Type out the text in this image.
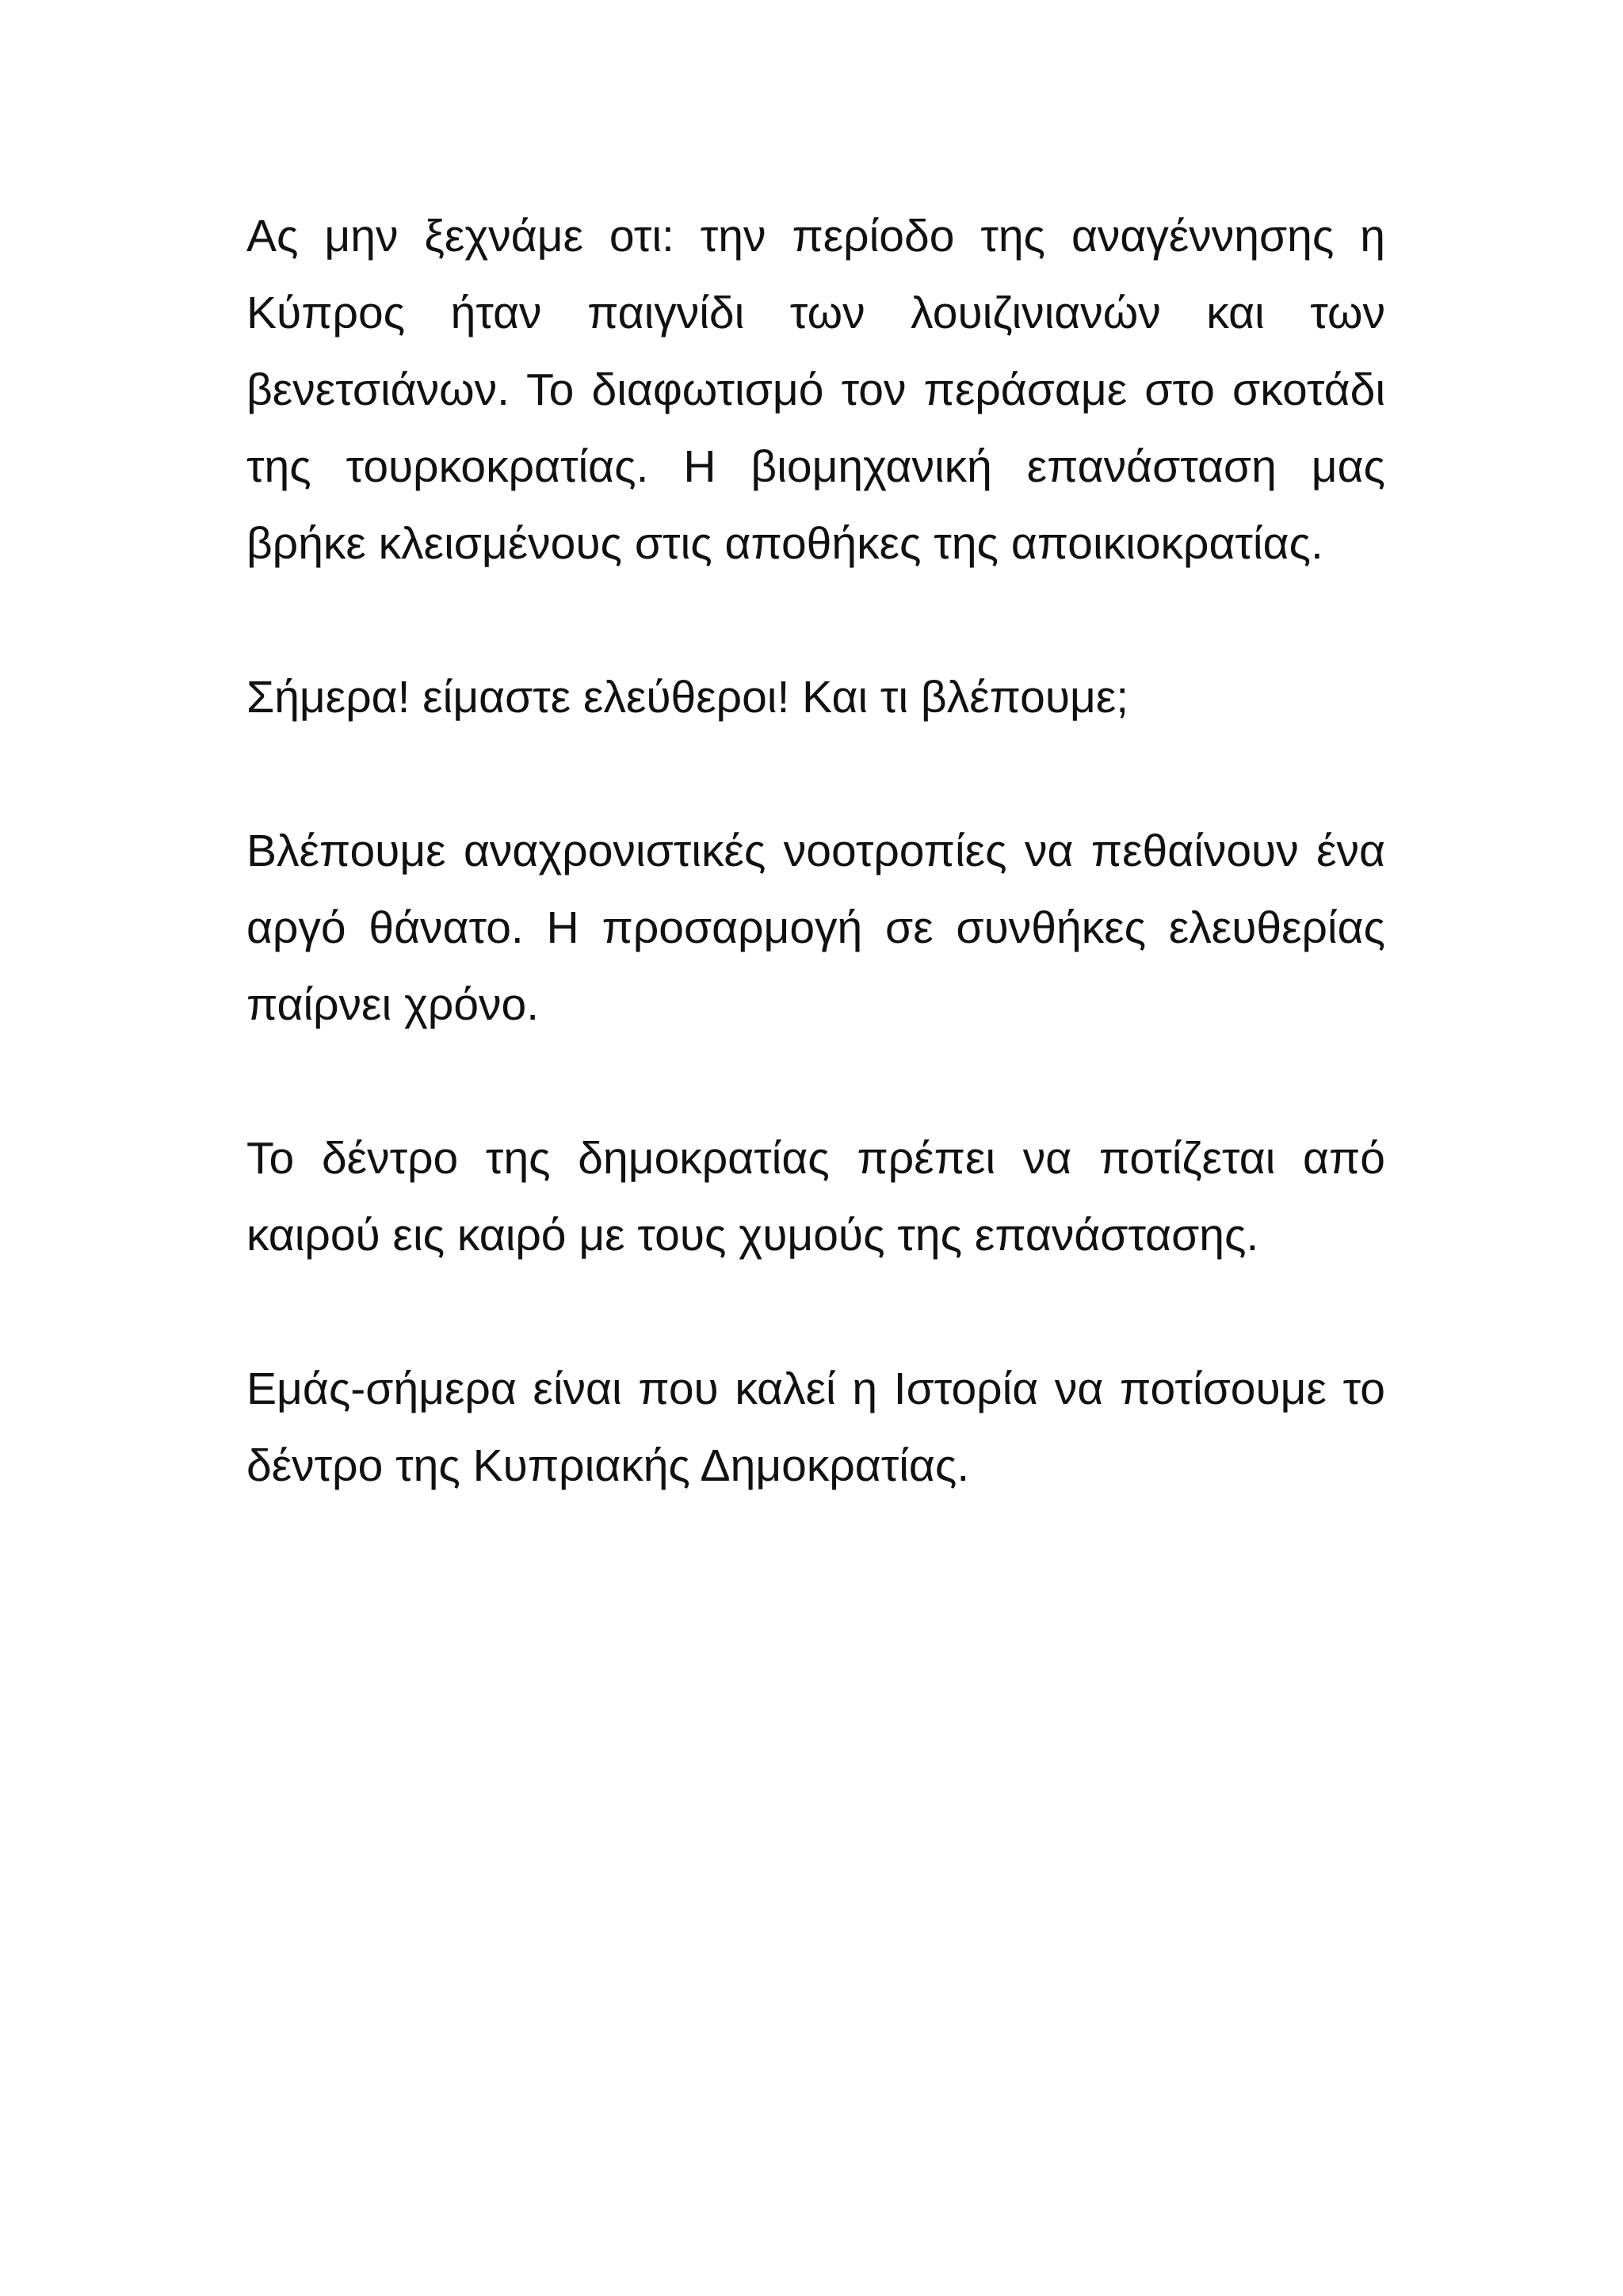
Ας μην ξεχνάμε οτι: την περίοδο της αναγέννησης η Κύπρος ήταν παιγνίδι των λουιζινιανών και των βενετσιάνων. Το διαφωτισμό τον περάσαμε στο σκοτάδι της τουρκοκρατίας. Η βιομηχανική επανάσταση μας βρήκε κλεισμένους στις αποθήκες της αποικιοκρατίας.

Σήμερα! είμαστε ελεύθεροι! Και τι βλέπουμε;

Βλέπουμε αναχρονιστικές νοοτροπίες να πεθαίνουν ένα αργό θάνατο. Η προσαρμογή σε συνθήκες ελευθερίας παίρνει χρόνο.

Το δέντρο της δημοκρατίας πρέπει να ποτίζεται από καιρού εις καιρό με τους χυμούς της επανάστασης.

Εμάς-σήμερα είναι που καλεί η Ιστορία να ποτίσουμε το δέντρο της Κυπριακής Δημοκρατίας.
